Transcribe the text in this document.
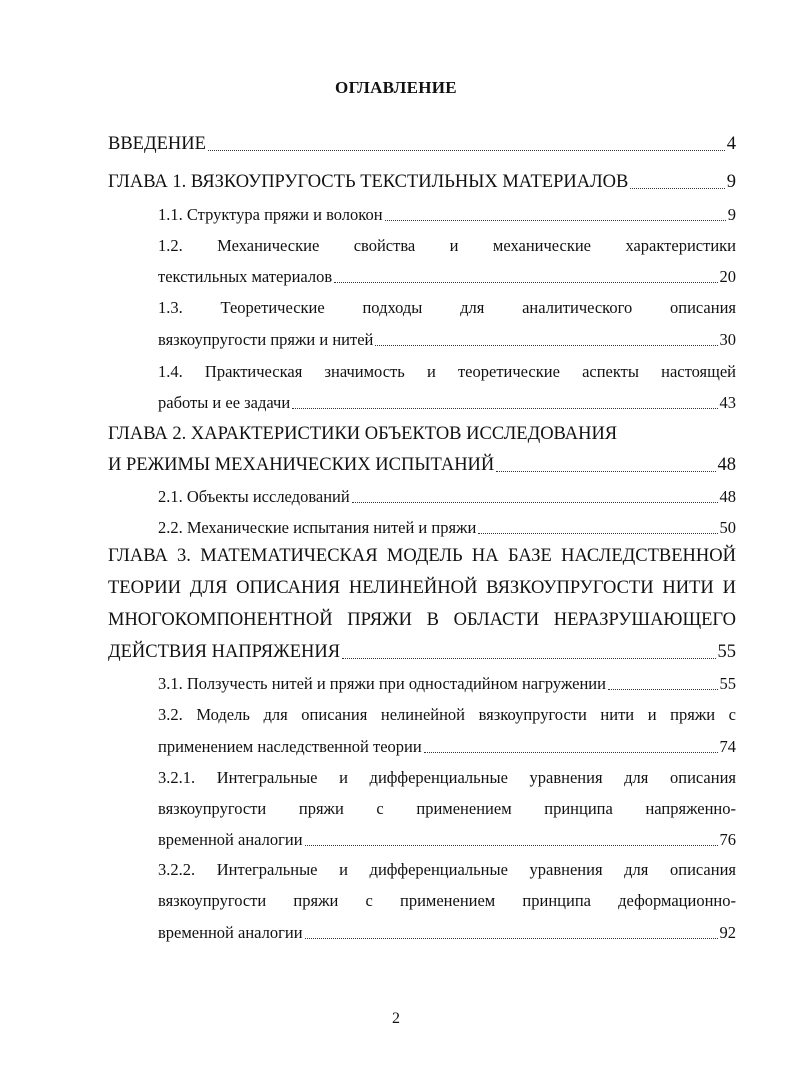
ОГЛАВЛЕНИЕ
ВВЕДЕНИЕ	4
ГЛАВА 1. ВЯЗКОУПРУГОСТЬ ТЕКСТИЛЬНЫХ МАТЕРИАЛОВ	9
1.1. Структура пряжи и волокон	9
1.2. Механические свойства и механические характеристики
текстильных материалов	20
1.3. Теоретические подходы для аналитического описания
вязкоупругости пряжи и нитей	30
1.4. Практическая значимость и теоретические аспекты настоящей
работы и ее задачи	43
ГЛАВА 2. ХАРАКТЕРИСТИКИ ОБЪЕКТОВ ИССЛЕДОВАНИЯ
И РЕЖИМЫ МЕХАНИЧЕСКИХ ИСПЫТАНИЙ	48
2.1. Объекты исследований	48
2.2. Механические испытания нитей и пряжи	50
ГЛАВА 3. МАТЕМАТИЧЕСКАЯ МОДЕЛЬ НА БАЗЕ НАСЛЕДСТВЕННОЙ
ТЕОРИИ ДЛЯ ОПИСАНИЯ НЕЛИНЕЙНОЙ ВЯЗКОУПРУГОСТИ НИТИ И
МНОГОКОМПОНЕНТНОЙ ПРЯЖИ В ОБЛАСТИ НЕРАЗРУШАЮЩЕГО
ДЕЙСТВИЯ НАПРЯЖЕНИЯ	55
3.1. Ползучесть нитей и пряжи при одностадийном нагружении	55
3.2. Модель для описания нелинейной вязкоупругости нити и пряжи с
применением наследственной теории	74
3.2.1. Интегральные и дифференциальные уравнения для описания
вязкоупругости пряжи с применением принципа напряженно-
временной аналогии	76
3.2.2. Интегральные и дифференциальные уравнения для описания
вязкоупругости пряжи с применением принципа деформационно-
временной аналогии	92
2
